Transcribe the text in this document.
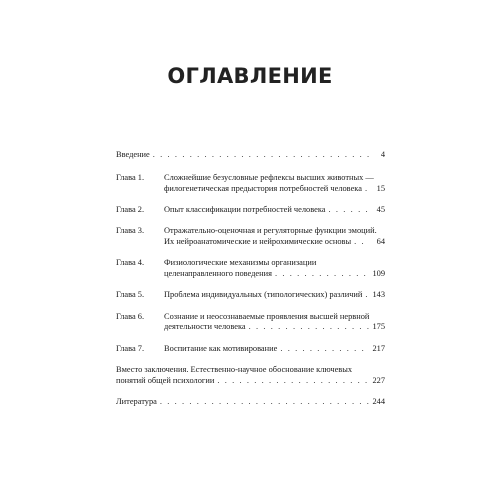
ОГЛАВЛЕНИЕ
Введение . . .	4
Глава 1.	Сложнейшие безусловные рефлексы высших животных —
филогенетическая предыстория потребностей человека . . .	15
Глава 2.	Опыт классификации потребностей человека . . .	45
Глава 3.	Отражательно-оценочная и регуляторные функции эмоций.
Их нейроанатомические и нейрохимические основы . . .	64
Глава 4.	Физиологические механизмы организации
целенаправленного поведения . . .	109
Глава 5.	Проблема индивидуальных (типологических) различий . . . 143
Глава 6.	Сознание и неосознаваемые проявления высшей нервной
деятельности человека . . .	175
Глава 7.	Воспитание как мотивирование . . .	217
Вместо заключения. Естественно-научное обоснование ключевых
понятий общей психологии . . .	227
Литература . . .	244
